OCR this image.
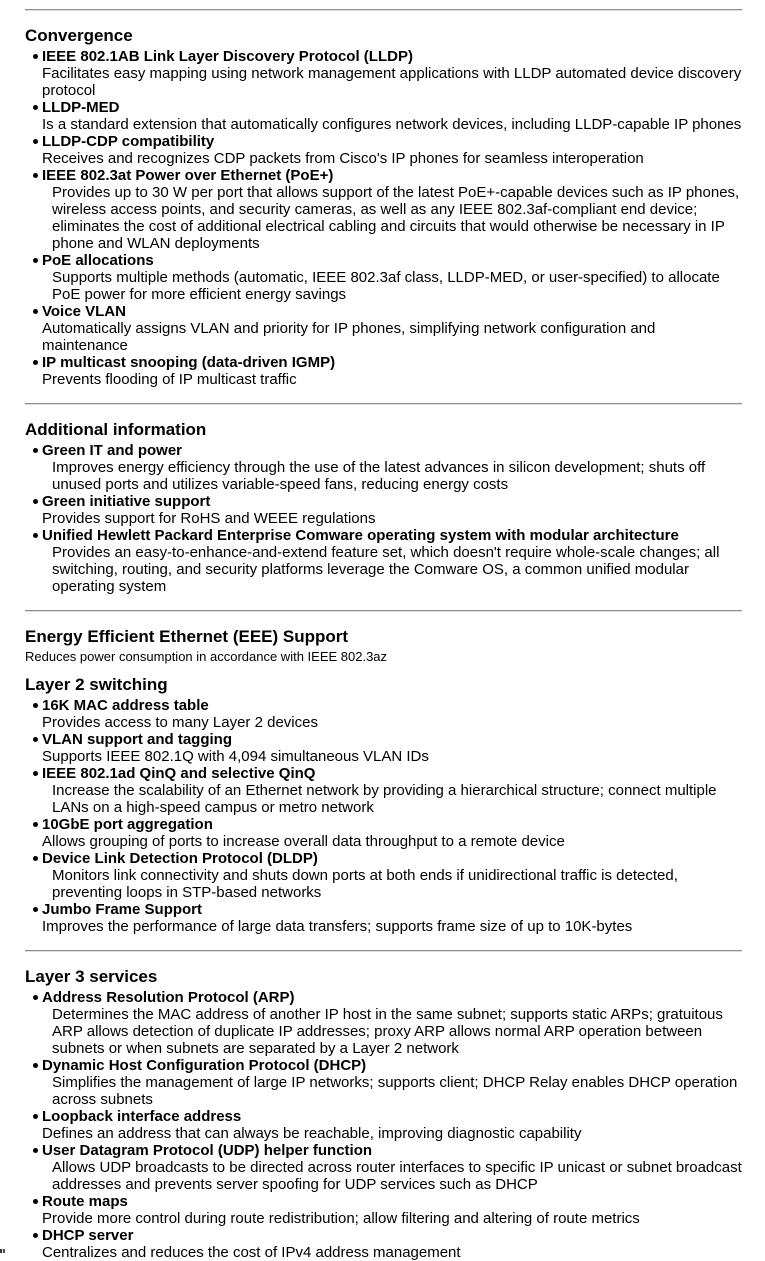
Convergence
IEEE 802.1AB Link Layer Discovery Protocol (LLDP)
Facilitates easy mapping using network management applications with LLDP automated device discovery protocol
LLDP-MED
Is a standard extension that automatically configures network devices, including LLDP-capable IP phones
LLDP-CDP compatibility
Receives and recognizes CDP packets from Cisco's IP phones for seamless interoperation
IEEE 802.3at Power over Ethernet (PoE+)
Provides up to 30 W per port that allows support of the latest PoE+-capable devices such as IP phones, wireless access points, and security cameras, as well as any IEEE 802.3af-compliant end device; eliminates the cost of additional electrical cabling and circuits that would otherwise be necessary in IP phone and WLAN deployments
PoE allocations
Supports multiple methods (automatic, IEEE 802.3af class, LLDP-MED, or user-specified) to allocate PoE power for more efficient energy savings
Voice VLAN
Automatically assigns VLAN and priority for IP phones, simplifying network configuration and maintenance
IP multicast snooping (data-driven IGMP)
Prevents flooding of IP multicast traffic
Additional information
Green IT and power
Improves energy efficiency through the use of the latest advances in silicon development; shuts off unused ports and utilizes variable-speed fans, reducing energy costs
Green initiative support
Provides support for RoHS and WEEE regulations
Unified Hewlett Packard Enterprise Comware operating system with modular architecture
Provides an easy-to-enhance-and-extend feature set, which doesn't require whole-scale changes; all switching, routing, and security platforms leverage the Comware OS, a common unified modular operating system
Energy Efficient Ethernet (EEE) Support

Reduces power consumption in accordance with IEEE 802.3az

Layer 2 switching
16K MAC address table
Provides access to many Layer 2 devices
VLAN support and tagging
Supports IEEE 802.1Q with 4,094 simultaneous VLAN IDs
IEEE 802.1ad QinQ and selective QinQ
Increase the scalability of an Ethernet network by providing a hierarchical structure; connect multiple LANs on a high-speed campus or metro network
10GbE port aggregation
Allows grouping of ports to increase overall data throughput to a remote device
Device Link Detection Protocol (DLDP)
Monitors link connectivity and shuts down ports at both ends if unidirectional traffic is detected, preventing loops in STP-based networks
Jumbo Frame Support
Improves the performance of large data transfers; supports frame size of up to 10K-bytes
Layer 3 services
Address Resolution Protocol (ARP)
Determines the MAC address of another IP host in the same subnet; supports static ARPs; gratuitous ARP allows detection of duplicate IP addresses; proxy ARP allows normal ARP operation between subnets or when subnets are separated by a Layer 2 network
Dynamic Host Configuration Protocol (DHCP)
Simplifies the management of large IP networks; supports client; DHCP Relay enables DHCP operation across subnets
Loopback interface address
Defines an address that can always be reachable, improving diagnostic capability
User Datagram Protocol (UDP) helper function
Allows UDP broadcasts to be directed across router interfaces to specific IP unicast or subnet broadcast addresses and prevents server spoofing for UDP services such as DHCP
Route maps
Provide more control during route redistribution; allow filtering and altering of route metrics
DHCP server
Centralizes and reduces the cost of IPv4 address management
